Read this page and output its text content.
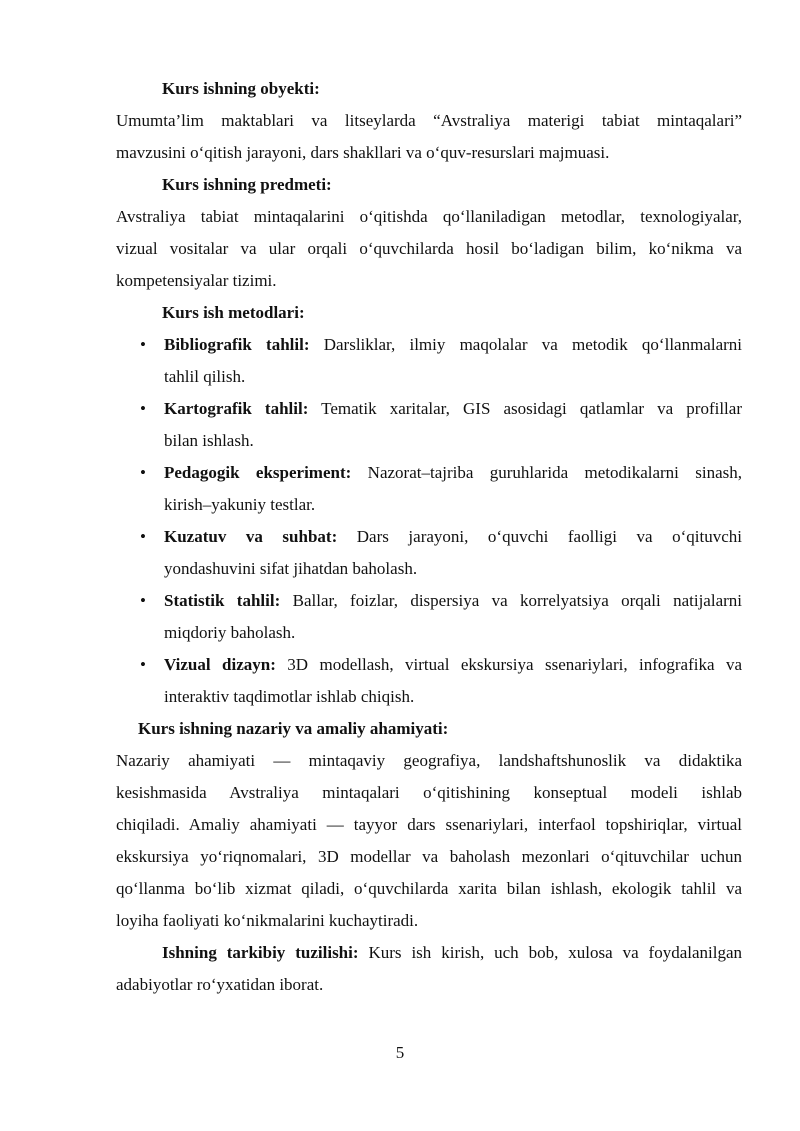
Kurs ishning obyekti:
Umumta’lim maktablari va litseylarda “Avstraliya materigi tabiat mintaqalari”
mavzusini o‘qitish jarayoni, dars shakllari va o‘quv-resurslari majmuasi.
Kurs ishning predmeti:
Avstraliya tabiat mintaqalarini o‘qitishda qo‘llaniladigan metodlar, texnologiyalar,
vizual vositalar va ular orqali o‘quvchilarda hosil bo‘ladigan bilim, ko‘nikma va
kompetensiyalar tizimi.
Kurs ish metodlari:
• Bibliografik tahlil: Darsliklar, ilmiy maqolalar va metodik qo‘llanmalarni
tahlil qilish.
• Kartografik tahlil: Tematik xaritalar, GIS asosidagi qatlamlar va profillar
bilan ishlash.
• Pedagogik eksperiment: Nazorat–tajriba guruhlarida metodikalarni sinash,
kirish–yakuniy testlar.
• Kuzatuv va suhbat: Dars jarayoni, o‘quvchi faolligi va o‘qituvchi
yondashuvini sifat jihatdan baholash.
• Statistik tahlil: Ballar, foizlar, dispersiya va korrelyatsiya orqali natijalarni
miqdoriy baholash.
• Vizual dizayn: 3D modellash, virtual ekskursiya ssenariylari, infografika va
interaktiv taqdimotlar ishlab chiqish.
Kurs ishning nazariy va amaliy ahamiyati:
Nazariy ahamiyati — mintaqaviy geografiya, landshaftshunoslik va didaktika
kesishmasida Avstraliya mintaqalari o‘qitishining konseptual modeli ishlab
chiqiladi. Amaliy ahamiyati — tayyor dars ssenariylari, interfaol topshiriqlar, virtual
ekskursiya yo‘riqnomalari, 3D modellar va baholash mezonlari o‘qituvchilar uchun
qo‘llanma bo‘lib xizmat qiladi, o‘quvchilarda xarita bilan ishlash, ekologik tahlil va
loyiha faoliyati ko‘nikmalarini kuchaytiradi.
Ishning tarkibiy tuzilishi: Kurs ish kirish, uch bob, xulosa va foydalanilgan
adabiyotlar ro‘yxatidan iborat.
5
